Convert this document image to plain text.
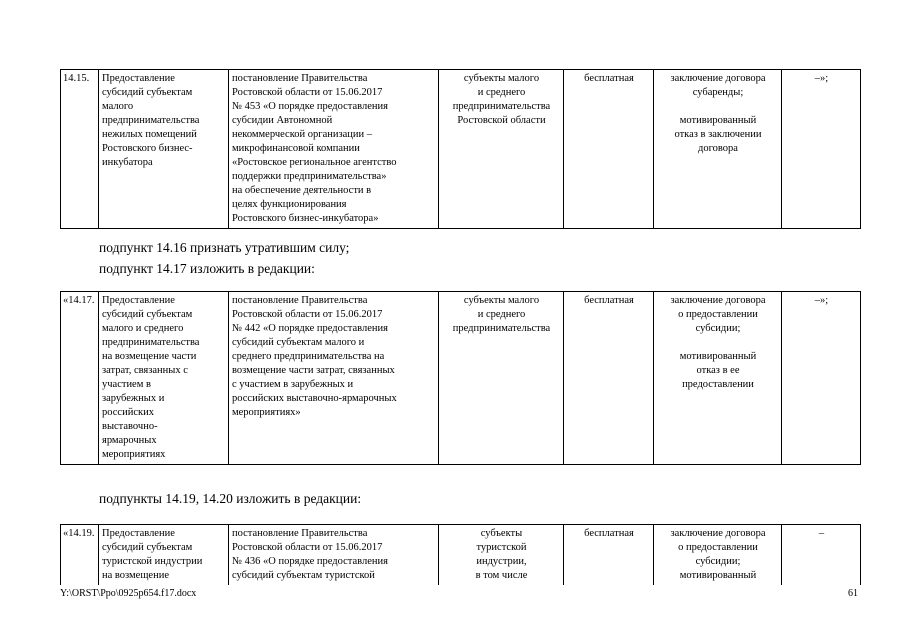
14.15.	Предоставление
субсидий субъектам
малого
предпринимательства
нежилых помещений
Ростовского бизнес-
инкубатора	постановление Правительства
Ростовской области от 15.06.2017
№ 453 «О порядке предоставления
субсидии Автономной
некоммерческой организации –
микрофинансовой компании
«Ростовское региональное агентство
поддержки предпринимательства»
на обеспечение деятельности в
целях функционирования
Ростовского бизнес-инкубатора»	субъекты малого
и среднего
предпринимательства
Ростовской области	бесплатная	заключение договора
субаренды;

мотивированный
отказ в заключении
договора	–»;
подпункт 14.16 признать утратившим силу;
подпункт 14.17 изложить в редакции:
«14.17.	Предоставление
субсидий субъектам
малого и среднего
предпринимательства
на возмещение части
затрат, связанных с
участием в
зарубежных и
российских
выставочно-
ярмарочных
мероприятиях	постановление Правительства
Ростовской области от 15.06.2017
№ 442 «О порядке предоставления
субсидий субъектам малого и
среднего предпринимательства на
возмещение части затрат, связанных
с участием в зарубежных и
российских выставочно-ярмарочных
мероприятиях»	субъекты малого
и среднего
предпринимательства	бесплатная	заключение договора
о предоставлении
субсидии;

мотивированный
отказ в ее
предоставлении	–»;
подпункты 14.19, 14.20 изложить в редакции:
«14.19.	Предоставление
субсидий субъектам
туристской индустрии
на возмещение	постановление Правительства
Ростовской области от 15.06.2017
№ 436 «О порядке предоставления
субсидий субъектам туристской	субъекты
туристской
индустрии,
в том числе	бесплатная	заключение договора
о предоставлении
субсидии;
мотивированный	–
Y:\ORST\Ppo\0925p654.f17.docx	61
